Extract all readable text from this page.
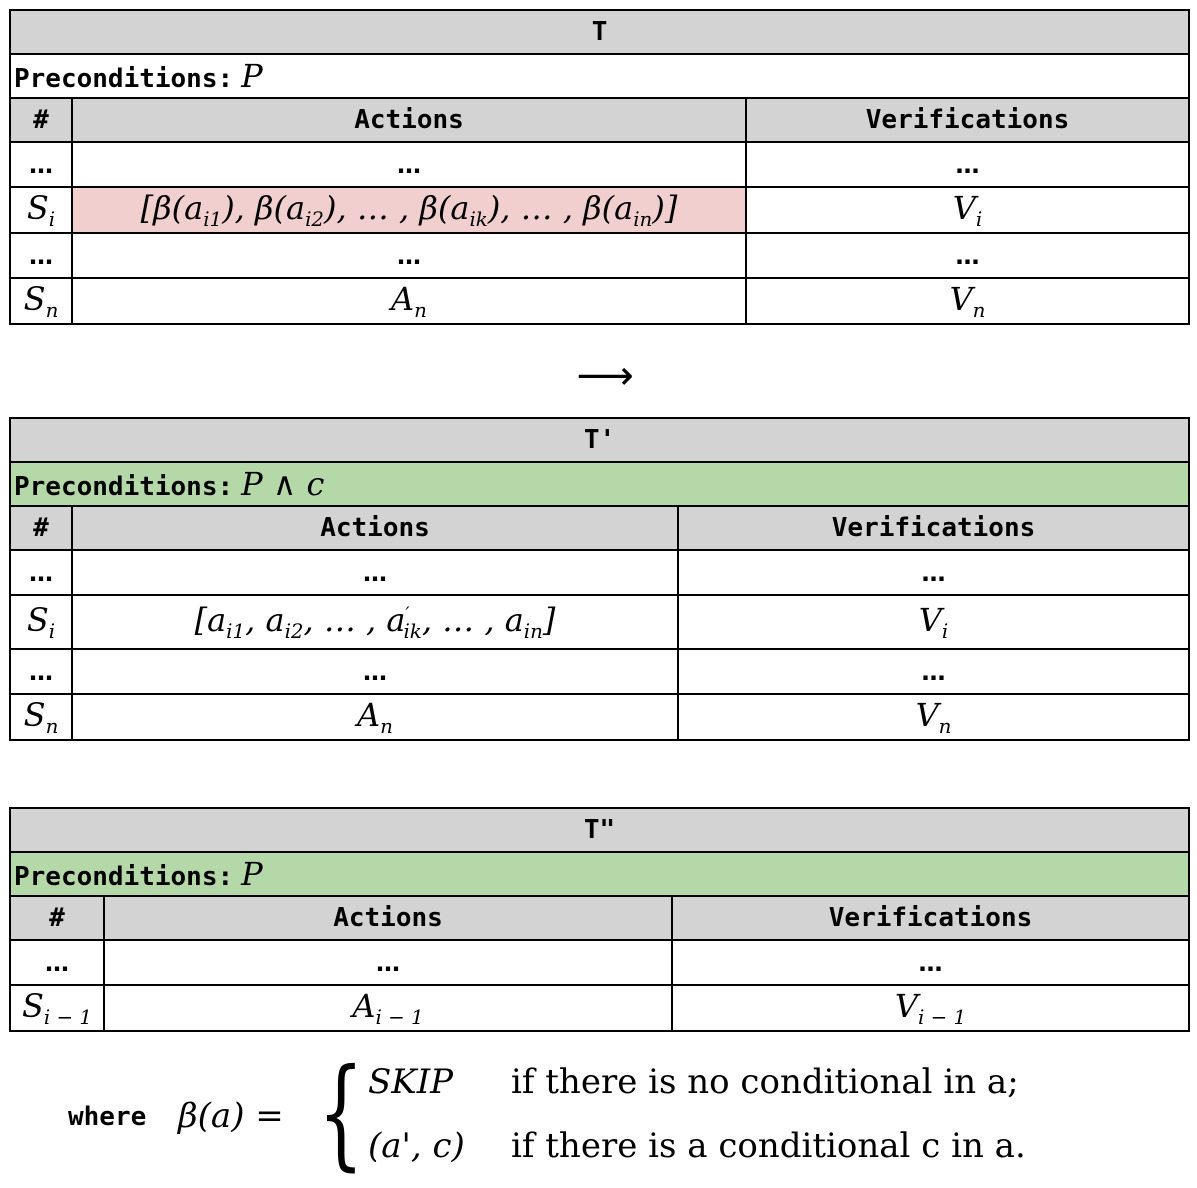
T		
Preconditions: P		
#	Actions	Verifications
…	…	…
$S_i$	[$\beta(a_{i1})$, $\beta(a_{i2})$, … , $\beta(a_{ik})$, … , $\beta(a_{in})$]	$V_i$
…	…	…
$S_n$	$A_n$	$V_n$
⟶
T'		
Preconditions: P ∧ c		
#	Actions	Verifications
…	…	…
$S_i$	[$a_{i1}$, $a_{i2}$, … , $a'_{ik}$, … , $a_{in}$]	$V_i$
…	…	…
$S_n$	$A_n$	$V_n$
T"		
Preconditions: P		
#	Actions	Verifications
…	…	…
$S_{i - 1}$	$A_{i - 1}$	$V_{i - 1}$
where β(a) = { SKIP if there is no conditional in a;
(a', c) if there is a conditional c in a.
